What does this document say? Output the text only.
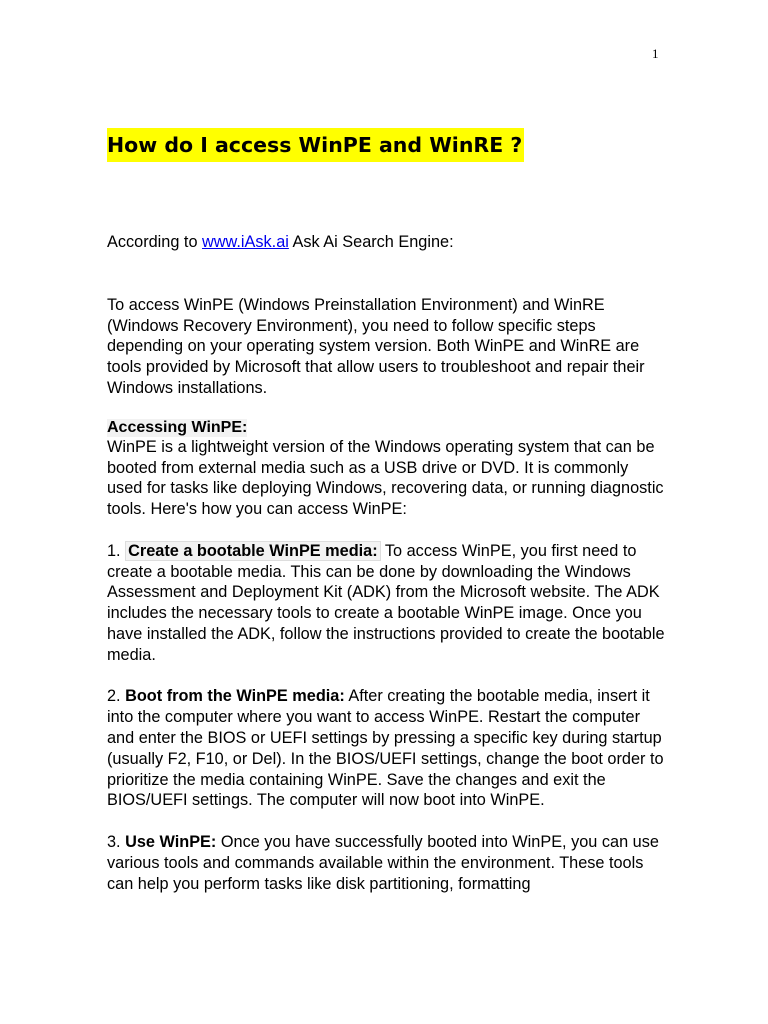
1
How do I access WinPE and WinRE ?

According to www.iAsk.ai Ask Ai Search Engine:

To access WinPE (Windows Preinstallation Environment) and WinRE (Windows Recovery Environment), you need to follow specific steps depending on your operating system version. Both WinPE and WinRE are tools provided by Microsoft that allow users to troubleshoot and repair their Windows installations.

Accessing WinPE:

WinPE is a lightweight version of the Windows operating system that can be booted from external media such as a USB drive or DVD. It is commonly used for tasks like deploying Windows, recovering data, or running diagnostic tools. Here's how you can access WinPE:

1. Create a bootable WinPE media: To access WinPE, you first need to create a bootable media. This can be done by downloading the Windows Assessment and Deployment Kit (ADK) from the Microsoft website. The ADK includes the necessary tools to create a bootable WinPE image. Once you have installed the ADK, follow the instructions provided to create the bootable media.

2. Boot from the WinPE media: After creating the bootable media, insert it into the computer where you want to access WinPE. Restart the computer and enter the BIOS or UEFI settings by pressing a specific key during startup (usually F2, F10, or Del). In the BIOS/UEFI settings, change the boot order to prioritize the media containing WinPE. Save the changes and exit the BIOS/UEFI settings. The computer will now boot into WinPE.

3. Use WinPE: Once you have successfully booted into WinPE, you can use various tools and commands available within the environment. These tools can help you perform tasks like disk partitioning, formatting
